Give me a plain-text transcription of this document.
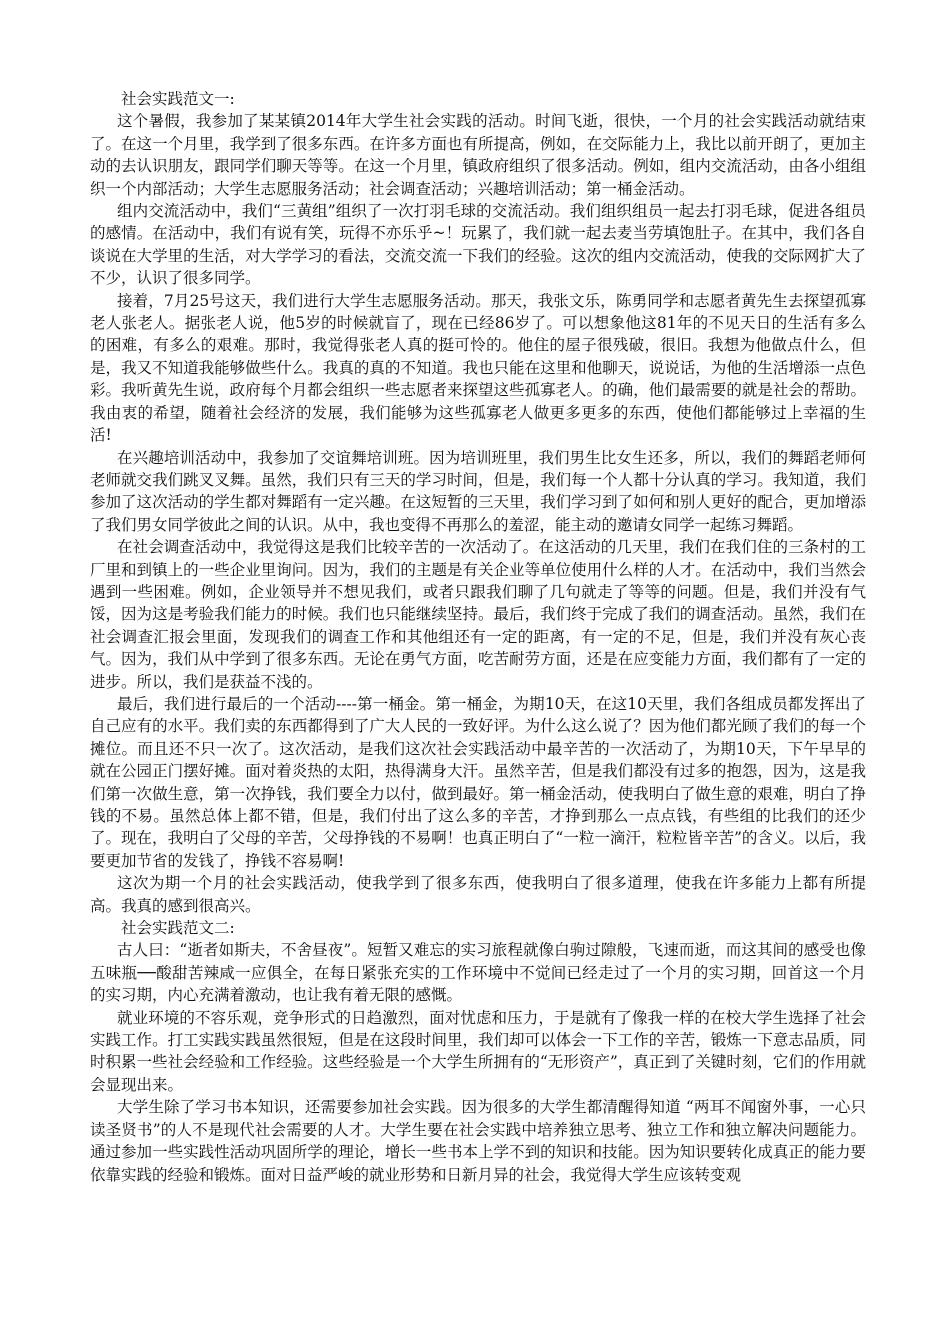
社会实践范文一:

这个暑假，我参加了某某镇2014年大学生社会实践的活动。时间飞逝，很快，一个月的社会实践活动就结束了。在这一个月里，我学到了很多东西。在许多方面也有所提高，例如，在交际能力上，我比以前开朗了，更加主动的去认识朋友，跟同学们聊天等等。在这一个月里，镇政府组织了很多活动。例如，组内交流活动，由各小组组织一个内部活动；大学生志愿服务活动；社会调查活动；兴趣培训活动；第一桶金活动。

组内交流活动中，我们“三黄组”组织了一次打羽毛球的交流活动。我们组织组员一起去打羽毛球，促进各组员的感情。在活动中，我们有说有笑，玩得不亦乐乎~！玩累了，我们就一起去麦当劳填饱肚子。在其中，我们各自谈说在大学里的生活，对大学学习的看法，交流交流一下我们的经验。这次的组内交流活动，使我的交际网扩大了不少，认识了很多同学。

接着，7月25号这天，我们进行大学生志愿服务活动。那天，我张文乐，陈勇同学和志愿者黄先生去探望孤寡老人张老人。据张老人说，他5岁的时候就盲了，现在已经86岁了。可以想象他这81年的不见天日的生活有多么的困难，有多么的艰难。那时，我觉得张老人真的挺可怜的。他住的屋子很残破，很旧。我想为他做点什么，但是，我又不知道我能够做些什么。我真的真的不知道。我也只能在这里和他聊天，说说话，为他的生活增添一点色彩。我听黄先生说，政府每个月都会组织一些志愿者来探望这些孤寡老人。的确，他们最需要的就是社会的帮助。我由衷的希望，随着社会经济的发展，我们能够为这些孤寡老人做更多更多的东西，使他们都能够过上幸福的生活!

在兴趣培训活动中，我参加了交谊舞培训班。因为培训班里，我们男生比女生还多，所以，我们的舞蹈老师何老师就交我们跳叉叉舞。虽然，我们只有三天的学习时间，但是，我们每一个人都十分认真的学习。我知道，我们参加了这次活动的学生都对舞蹈有一定兴趣。在这短暂的三天里，我们学习到了如何和别人更好的配合，更加增添了我们男女同学彼此之间的认识。从中，我也变得不再那么的羞涩，能主动的邀请女同学一起练习舞蹈。

在社会调查活动中，我觉得这是我们比较辛苦的一次活动了。在这活动的几天里，我们在我们住的三条村的工厂里和到镇上的一些企业里询问。因为，我们的主题是有关企业等单位使用什么样的人才。在活动中，我们当然会遇到一些困难。例如，企业领导并不想见我们，或者只跟我们聊了几句就走了等等的问题。但是，我们并没有气馁，因为这是考验我们能力的时候。我们也只能继续坚持。最后，我们终于完成了我们的调查活动。虽然，我们在社会调查汇报会里面，发现我们的调查工作和其他组还有一定的距离，有一定的不足，但是，我们并没有灰心丧气。因为，我们从中学到了很多东西。无论在勇气方面，吃苦耐劳方面，还是在应变能力方面，我们都有了一定的进步。所以，我们是获益不浅的。

最后，我们进行最后的一个活动----第一桶金。第一桶金，为期10天，在这10天里，我们各组成员都发挥出了自己应有的水平。我们卖的东西都得到了广大人民的一致好评。为什么这么说了？因为他们都光顾了我们的每一个摊位。而且还不只一次了。这次活动，是我们这次社会实践活动中最辛苦的一次活动了，为期10天，下午早早的就在公园正门摆好摊。面对着炎热的太阳，热得满身大汗。虽然辛苦，但是我们都没有过多的抱怨，因为，这是我们第一次做生意，第一次挣钱，我们要全力以付，做到最好。第一桶金活动，使我明白了做生意的艰难，明白了挣钱的不易。虽然总体上都不错，但是，我们付出了这么多的辛苦，才挣到那么一点点钱，有些组的比我们的还少了。现在，我明白了父母的辛苦，父母挣钱的不易啊！也真正明白了“一粒一滴汗，粒粒皆辛苦”的含义。以后，我要更加节省的发钱了，挣钱不容易啊!

这次为期一个月的社会实践活动，使我学到了很多东西，使我明白了很多道理，使我在许多能力上都有所提高。我真的感到很高兴。

社会实践范文二:

古人曰：“逝者如斯夫，不舍昼夜”。短暂又难忘的实习旅程就像白驹过隙般，飞速而逝，而这其间的感受也像五味瓶──酸甜苦辣咸一应俱全，在每日紧张充实的工作环境中不觉间已经走过了一个月的实习期，回首这一个月的实习期，内心充满着激动，也让我有着无限的感慨。

就业环境的不容乐观，竞争形式的日趋激烈，面对忧虑和压力，于是就有了像我一样的在校大学生选择了社会实践工作。打工实践实践虽然很短，但是在这段时间里，我们却可以体会一下工作的辛苦，锻炼一下意志品质，同时积累一些社会经验和工作经验。这些经验是一个大学生所拥有的“无形资产”，真正到了关键时刻，它们的作用就会显现出来。

大学生除了学习书本知识，还需要参加社会实践。因为很多的大学生都清醒得知道 “两耳不闻窗外事，一心只读圣贤书”的人不是现代社会需要的人才。大学生要在社会实践中培养独立思考、独立工作和独立解决问题能力。通过参加一些实践性活动巩固所学的理论，增长一些书本上学不到的知识和技能。因为知识要转化成真正的能力要依靠实践的经验和锻炼。面对日益严峻的就业形势和日新月异的社会，我觉得大学生应该转变观
